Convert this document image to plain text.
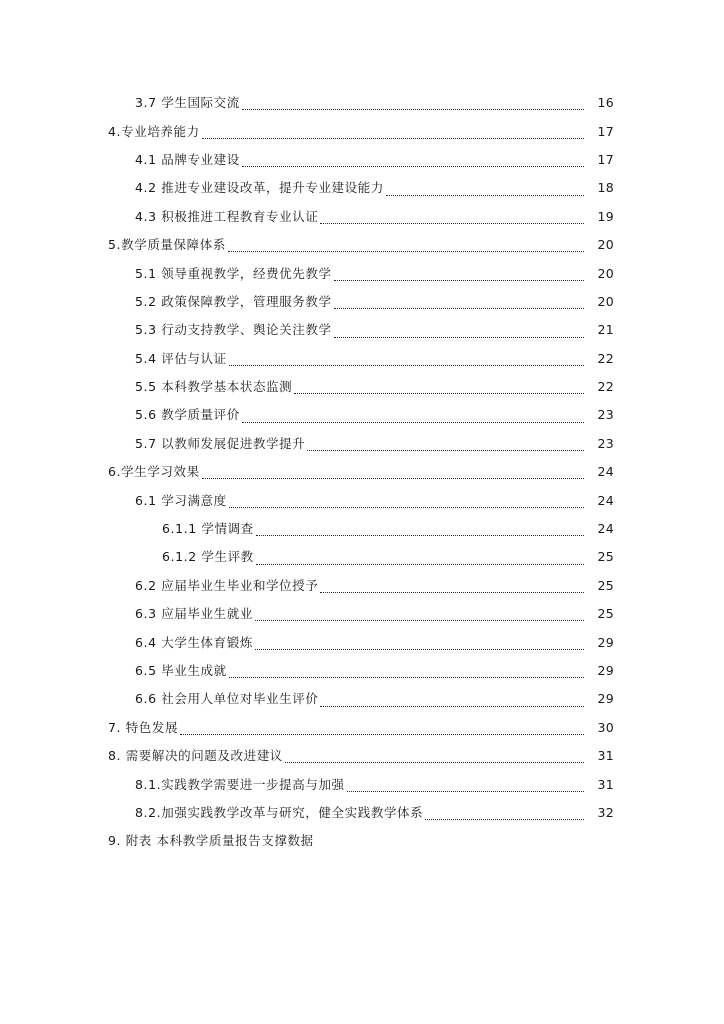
3.7 学生国际交流	16
4.专业培养能力	17
4.1 品牌专业建设	17
4.2 推进专业建设改革，提升专业建设能力	18
4.3 积极推进工程教育专业认证	19
5.教学质量保障体系	20
5.1 领导重视教学，经费优先教学	20
5.2 政策保障教学，管理服务教学	20
5.3 行动支持教学、舆论关注教学	21
5.4 评估与认证	22
5.5 本科教学基本状态监测	22
5.6 教学质量评价	23
5.7 以教师发展促进教学提升	23
6.学生学习效果	24
6.1 学习满意度	24
6.1.1 学情调查	24
6.1.2 学生评教	25
6.2 应届毕业生毕业和学位授予	25
6.3 应届毕业生就业	25
6.4 大学生体育锻炼	29
6.5 毕业生成就	29
6.6 社会用人单位对毕业生评价	29
7. 特色发展	30
8. 需要解决的问题及改进建议	31
8.1.实践教学需要进一步提高与加强	31
8.2.加强实践教学改革与研究，健全实践教学体系	32
9. 附表 本科教学质量报告支撑数据
